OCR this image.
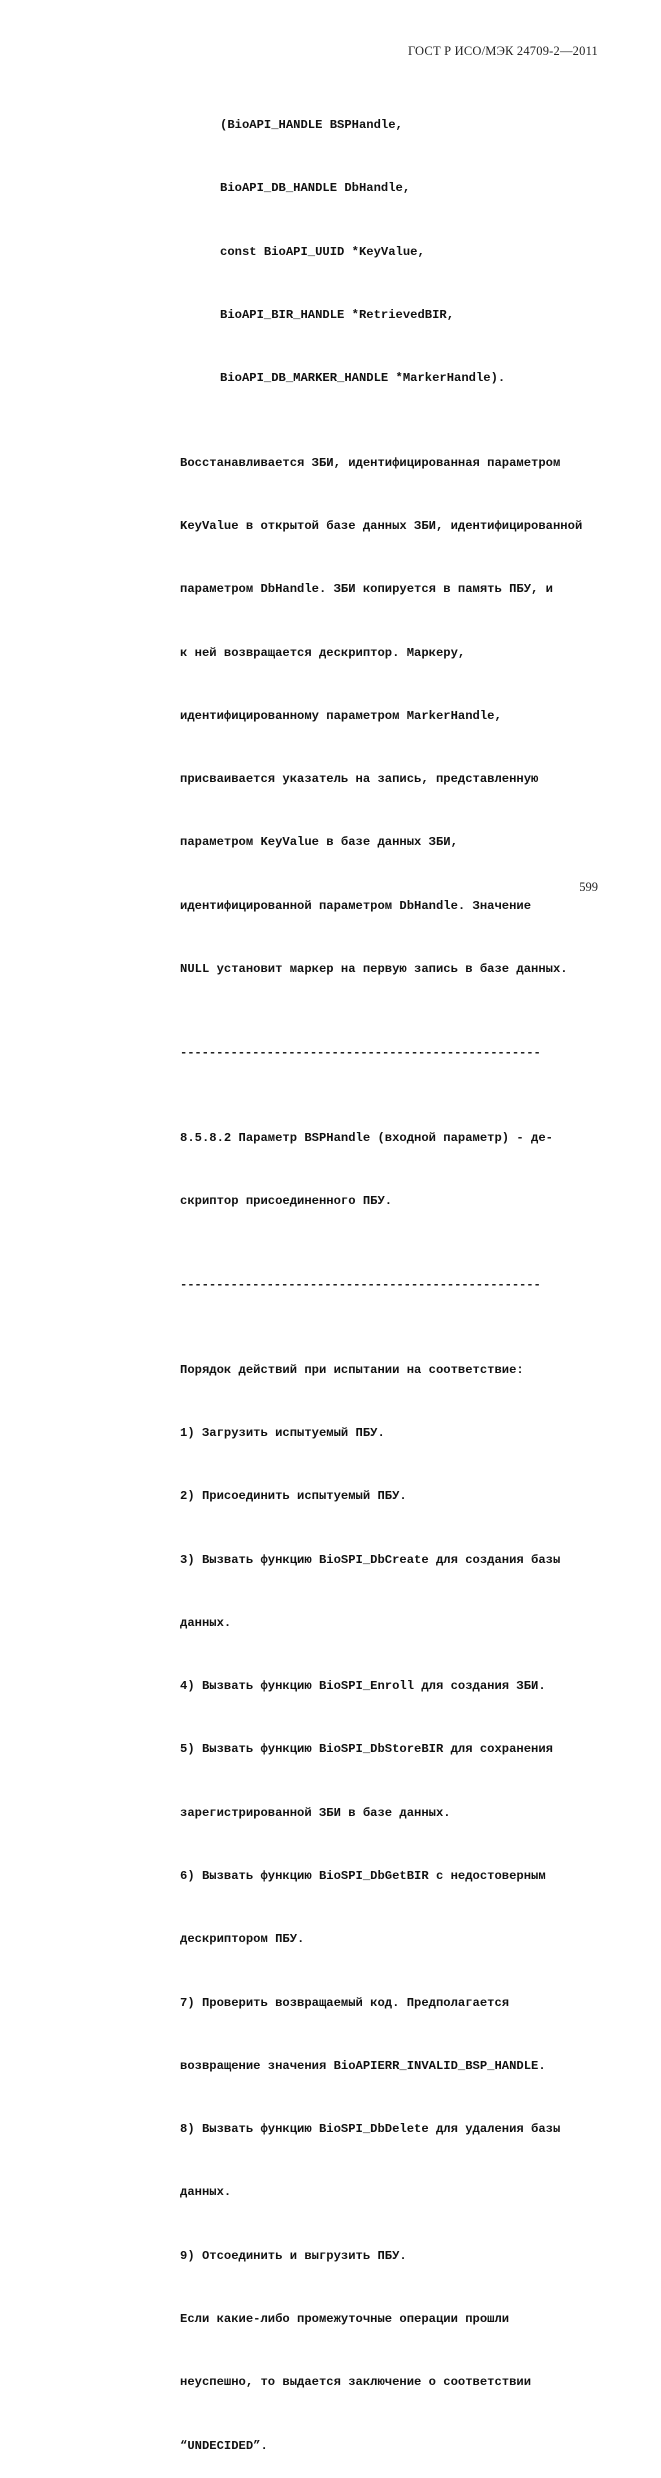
ГОСТ Р ИСО/МЭК 24709-2—2011

(BioAPI_HANDLE BSPHandle,

BioAPI_DB_HANDLE DbHandle,

const BioAPI_UUID *KeyValue,

BioAPI_BIR_HANDLE *RetrievedBIR,

BioAPI_DB_MARKER_HANDLE *MarkerHandle).

Восстанавливается ЗБИ, идентифицированная параметром

KeyValue в открытой базе данных ЗБИ, идентифицированной

параметром DbHandle. ЗБИ копируется в память ПБУ, и

к ней возвращается дескриптор. Маркеру,

идентифицированному параметром MarkerHandle,

присваивается указатель на запись, представленную

параметром KeyValue в базе данных ЗБИ,

идентифицированной параметром DbHandle. Значение

NULL установит маркер на первую запись в базе данных.

--------------------------------------------------

8.5.8.2 Параметр BSPHandle (входной параметр) - де-

скриптор присоединенного ПБУ.

--------------------------------------------------

Порядок действий при испытании на соответствие:

1) Загрузить испытуемый ПБУ.

2) Присоединить испытуемый ПБУ.

3) Вызвать функцию BioSPI_DbCreate для создания базы

данных.

4) Вызвать функцию BioSPI_Enroll для создания ЗБИ.

5) Вызвать функцию BioSPI_DbStoreBIR для сохранения

зарегистрированной ЗБИ в базе данных.

6) Вызвать функцию BioSPI_DbGetBIR с недостоверным

дескриптором ПБУ.

7) Проверить возвращаемый код. Предполагается

возвращение значения BioAPIERR_INVALID_BSP_HANDLE.

8) Вызвать функцию BioSPI_DbDelete для удаления базы

данных.

9) Отсоединить и выгрузить ПБУ.

Если какие-либо промежуточные операции прошли

неуспешно, то выдается заключение о соответствии

“UNDECIDED”.

599
